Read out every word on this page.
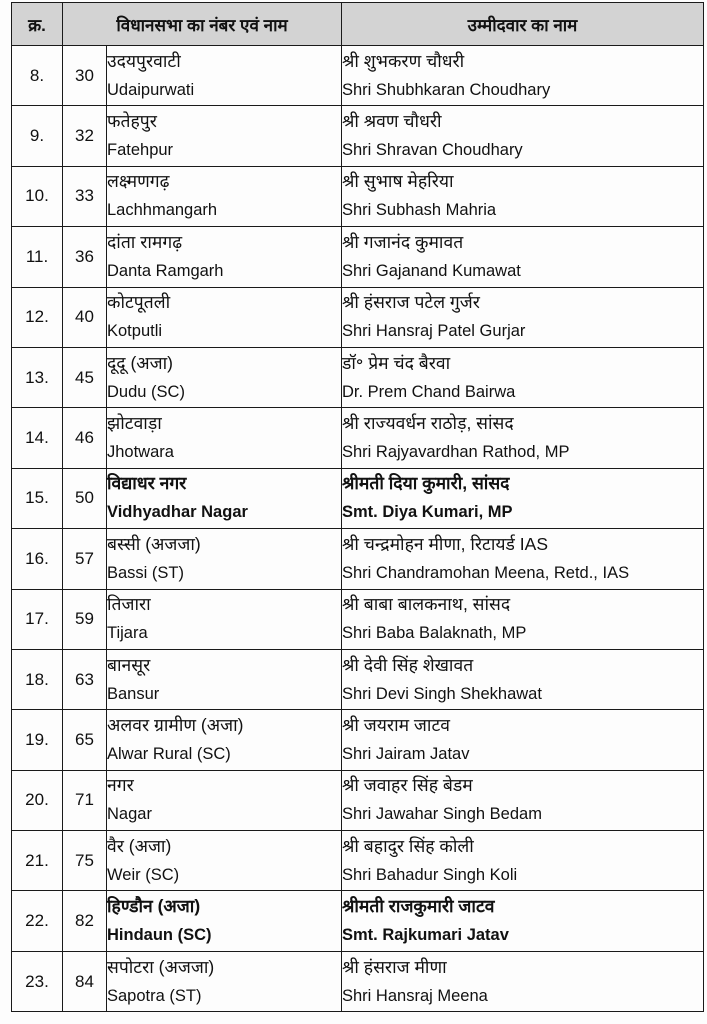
क्र.	विधानसभा का नंबर एवं नाम		उम्मीदवार का नाम
8.	30	उदयपुरवाटी
Udaipurwati	श्री शुभकरण चौधरी
Shri Shubhkaran Choudhary

9.	32	फतेहपुर
Fatehpur	श्री श्रवण चौधरी
Shri Shravan Choudhary

10.	33	लक्ष्मणगढ़
Lachhmangarh	श्री सुभाष मेहरिया
Shri Subhash Mahria

11.	36	दांता रामगढ़
Danta Ramgarh	श्री गजानंद कुमावत
Shri Gajanand Kumawat

12.	40	कोटपूतली
Kotputli	श्री हंसराज पटेल गुर्जर
Shri Hansraj Patel Gurjar

13.	45	दूदू (अजा)
Dudu (SC)	डॉ॰ प्रेम चंद बैरवा
Dr. Prem Chand Bairwa

14.	46	झोटवाड़ा
Jhotwara	श्री राज्यवर्धन राठोड़, सांसद
Shri Rajyavardhan Rathod, MP

15.	50	विद्याधर नगर
Vidhyadhar Nagar	श्रीमती दिया कुमारी, सांसद
Smt. Diya Kumari, MP

16.	57	बस्सी (अजजा)
Bassi (ST)	श्री चन्द्रमोहन मीणा, रिटायर्ड IAS
Shri Chandramohan Meena, Retd., IAS

17.	59	तिजारा
Tijara	श्री बाबा बालकनाथ, सांसद
Shri Baba Balaknath, MP

18.	63	बानसूर
Bansur	श्री देवी सिंह शेखावत
Shri Devi Singh Shekhawat

19.	65	अलवर ग्रामीण (अजा)
Alwar Rural (SC)	श्री जयराम जाटव
Shri Jairam Jatav

20.	71	नगर
Nagar	श्री जवाहर सिंह बेडम
Shri Jawahar Singh Bedam

21.	75	वैर (अजा)
Weir (SC)	श्री बहादुर सिंह कोली
Shri Bahadur Singh Koli

22.	82	हिण्डौन (अजा)
Hindaun (SC)	श्रीमती राजकुमारी जाटव
Smt. Rajkumari Jatav

23.	84	सपोटरा (अजजा)
Sapotra (ST)	श्री हंसराज मीणा
Shri Hansraj Meena
